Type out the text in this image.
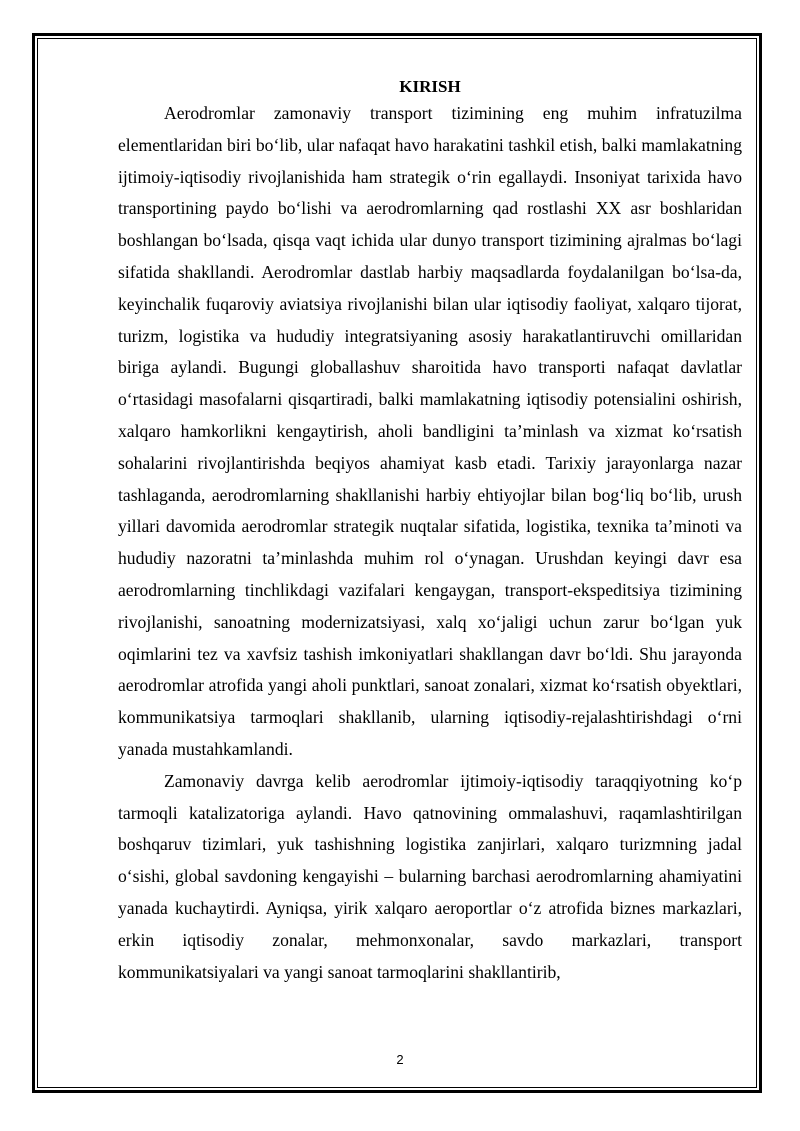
KIRISH

Aerodromlar zamonaviy transport tizimining eng muhim infratuzilma elementlaridan biri bo‘lib, ular nafaqat havo harakatini tashkil etish, balki mamlakatning ijtimoiy-iqtisodiy rivojlanishida ham strategik o‘rin egallaydi. Insoniyat tarixida havo transportining paydo bo‘lishi va aerodromlarning qad rostlashi XX asr boshlaridan boshlangan bo‘lsada, qisqa vaqt ichida ular dunyo transport tizimining ajralmas bo‘lagi sifatida shakllandi. Aerodromlar dastlab harbiy maqsadlarda foydalanilgan bo‘lsa-da, keyinchalik fuqaroviy aviatsiya rivojlanishi bilan ular iqtisodiy faoliyat, xalqaro tijorat, turizm, logistika va hududiy integratsiyaning asosiy harakatlantiruvchi omillaridan biriga aylandi. Bugungi globallashuv sharoitida havo transporti nafaqat davlatlar o‘rtasidagi masofalarni qisqartiradi, balki mamlakatning iqtisodiy potensialini oshirish, xalqaro hamkorlikni kengaytirish, aholi bandligini ta’minlash va xizmat ko‘rsatish sohalarini rivojlantirishda beqiyos ahamiyat kasb etadi. Tarixiy jarayonlarga nazar tashlaganda, aerodromlarning shakllanishi harbiy ehtiyojlar bilan bog‘liq bo‘lib, urush yillari davomida aerodromlar strategik nuqtalar sifatida, logistika, texnika ta’minoti va hududiy nazoratni ta’minlashda muhim rol o‘ynagan. Urushdan keyingi davr esa aerodromlarning tinchlikdagi vazifalari kengaygan, transport-ekspeditsiya tizimining rivojlanishi, sanoatning modernizatsiyasi, xalq xo‘jaligi uchun zarur bo‘lgan yuk oqimlarini tez va xavfsiz tashish imkoniyatlari shakllangan davr bo‘ldi. Shu jarayonda aerodromlar atrofida yangi aholi punktlari, sanoat zonalari, xizmat ko‘rsatish obyektlari, kommunikatsiya tarmoqlari shakllanib, ularning iqtisodiy-rejalashtirishdagi o‘rni yanada mustahkamlandi.

Zamonaviy davrga kelib aerodromlar ijtimoiy-iqtisodiy taraqqiyotning ko‘p tarmoqli katalizatoriga aylandi. Havo qatnovining ommalashuvi, raqamlashtirilgan boshqaruv tizimlari, yuk tashishning logistika zanjirlari, xalqaro turizmning jadal o‘sishi, global savdoning kengayishi – bularning barchasi aerodromlarning ahamiyatini yanada kuchaytirdi. Ayniqsa, yirik xalqaro aeroportlar o‘z atrofida biznes markazlari, erkin iqtisodiy zonalar, mehmonxonalar, savdo markazlari, transport kommunikatsiyalari va yangi sanoat tarmoqlarini shakllantirib,

2
